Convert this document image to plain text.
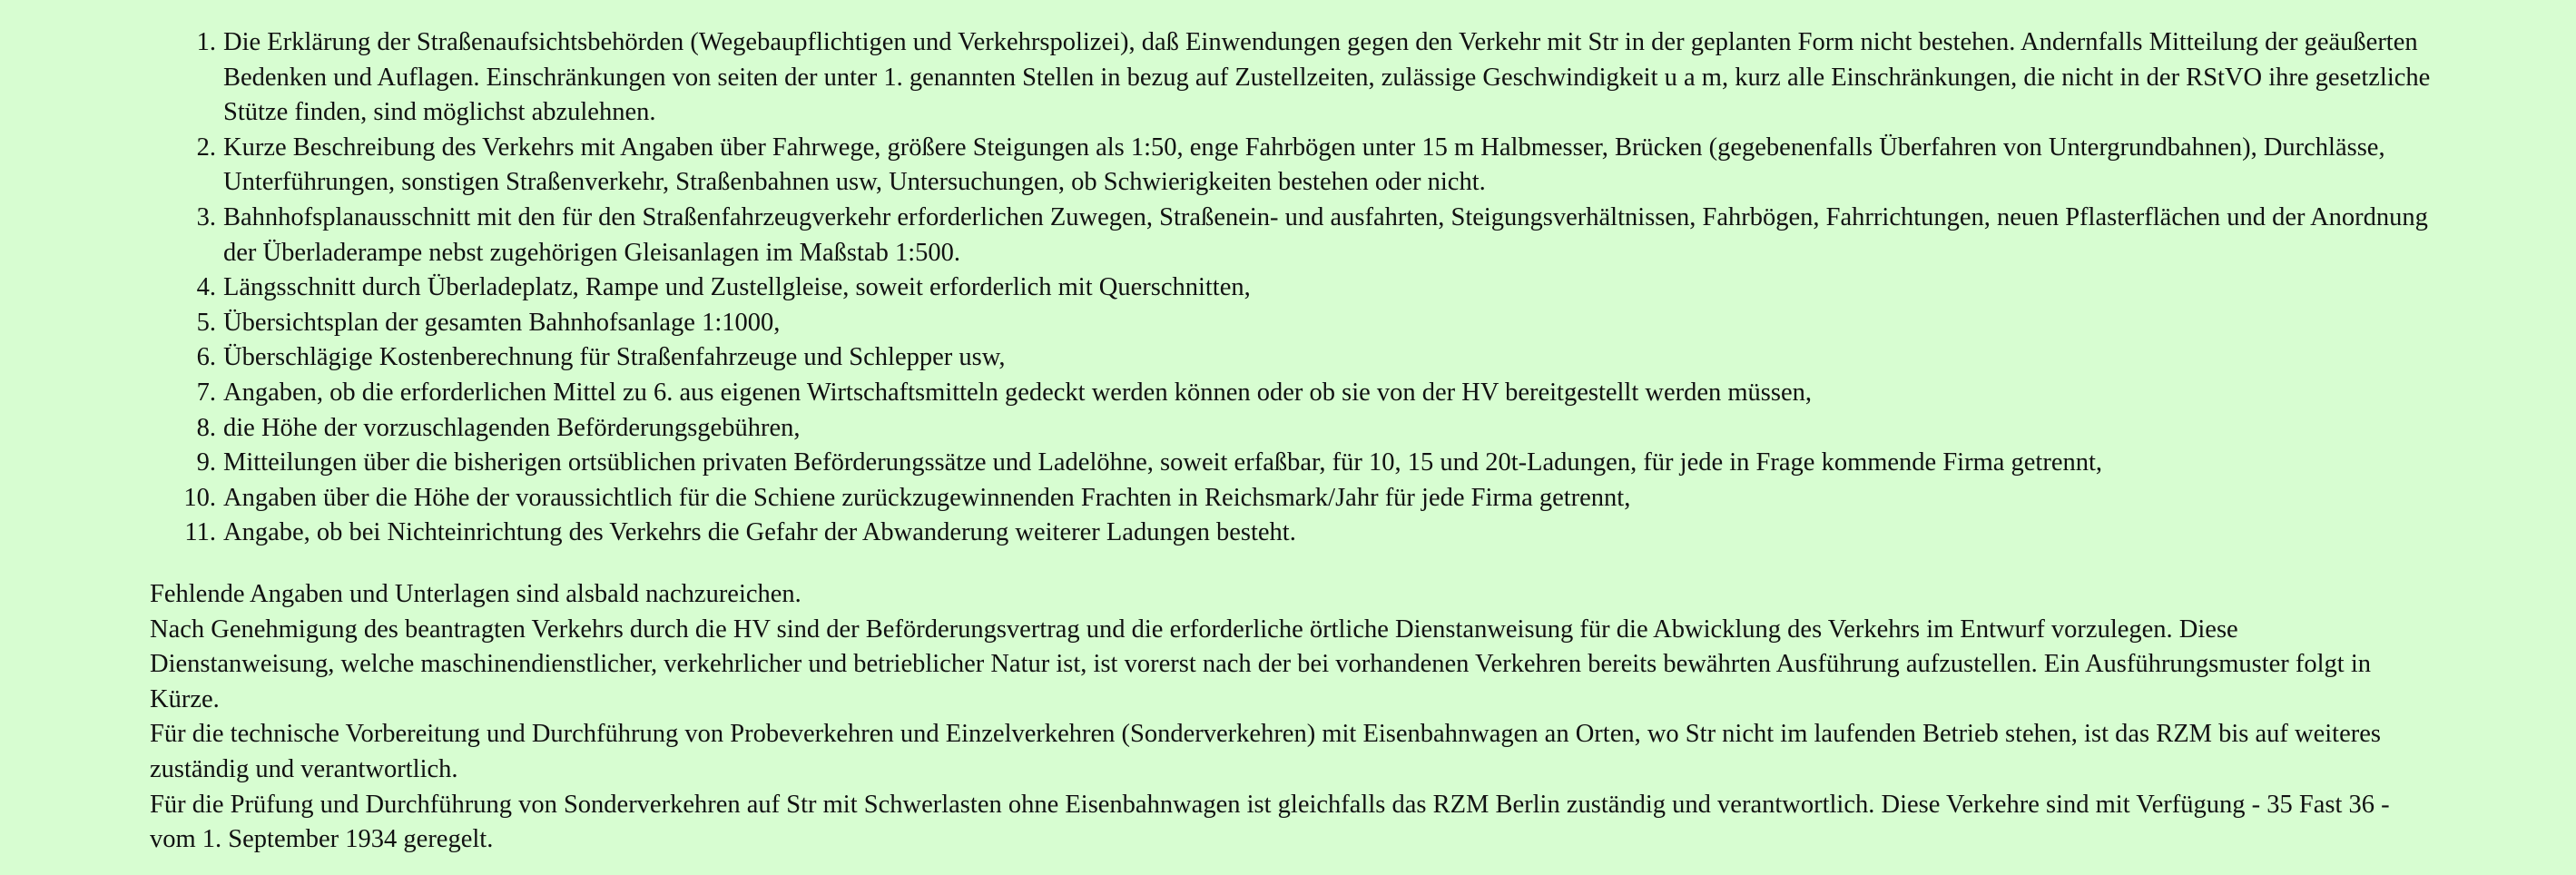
1. Die Erklärung der Straßenaufsichtsbehörden (Wegebaupflichtigen und Verkehrspolizei), daß Einwendungen gegen den Verkehr mit Str in der geplanten Form nicht bestehen. Andernfalls Mitteilung der geäußerten Bedenken und Auflagen. Einschränkungen von seiten der unter 1. genannten Stellen in bezug auf Zustellzeiten, zulässige Geschwindigkeit u a m, kurz alle Einschränkungen, die nicht in der RStVO ihre gesetzliche Stütze finden, sind möglichst abzulehnen.
2. Kurze Beschreibung des Verkehrs mit Angaben über Fahrwege, größere Steigungen als 1:50, enge Fahrbögen unter 15 m Halbmesser, Brücken (gegebenenfalls Überfahren von Untergrundbahnen), Durchlässe, Unterführungen, sonstigen Straßenverkehr, Straßenbahnen usw, Untersuchungen, ob Schwierigkeiten bestehen oder nicht.
3. Bahnhofsplanausschnitt mit den für den Straßenfahrzeugverkehr erforderlichen Zuwegen, Straßenein- und ausfahrten, Steigungsverhältnissen, Fahrbögen, Fahrrichtungen, neuen Pflasterflächen und der Anordnung der Überladerampe nebst zugehörigen Gleisanlagen im Maßstab 1:500.
4. Längsschnitt durch Überladeplatz, Rampe und Zustellgleise, soweit erforderlich mit Querschnitten,
5. Übersichtsplan der gesamten Bahnhofsanlage 1:1000,
6. Überschlägige Kostenberechnung für Straßenfahrzeuge und Schlepper usw,
7. Angaben, ob die erforderlichen Mittel zu 6. aus eigenen Wirtschaftsmitteln gedeckt werden können oder ob sie von der HV bereitgestellt werden müssen,
8. die Höhe der vorzuschlagenden Beförderungsgebühren,
9. Mitteilungen über die bisherigen ortsüblichen privaten Beförderungssätze und Ladelöhne, soweit erfaßbar, für 10, 15 und 20t-Ladungen, für jede in Frage kommende Firma getrennt,
10. Angaben über die Höhe der voraussichtlich für die Schiene zurückzugewinnenden Frachten in Reichsmark/Jahr für jede Firma getrennt,
11. Angabe, ob bei Nichteinrichtung des Verkehrs die Gefahr der Abwanderung weiterer Ladungen besteht.

Fehlende Angaben und Unterlagen sind alsbald nachzureichen.

Nach Genehmigung des beantragten Verkehrs durch die HV sind der Beförderungsvertrag und die erforderliche örtliche Dienstanweisung für die Abwicklung des Verkehrs im Entwurf vorzulegen. Diese Dienstanweisung, welche maschinendienstlicher, verkehrlicher und betrieblicher Natur ist, ist vorerst nach der bei vorhandenen Verkehren bereits bewährten Ausführung aufzustellen. Ein Ausführungsmuster folgt in Kürze.

Für die technische Vorbereitung und Durchführung von Probeverkehren und Einzelverkehren (Sonderverkehren) mit Eisenbahnwagen an Orten, wo Str nicht im laufenden Betrieb stehen, ist das RZM bis auf weiteres zuständig und verantwortlich.

Für die Prüfung und Durchführung von Sonderverkehren auf Str mit Schwerlasten ohne Eisenbahnwagen ist gleichfalls das RZM Berlin zuständig und verantwortlich. Diese Verkehre sind mit Verfügung - 35 Fast 36 - vom 1. September 1934 geregelt.
